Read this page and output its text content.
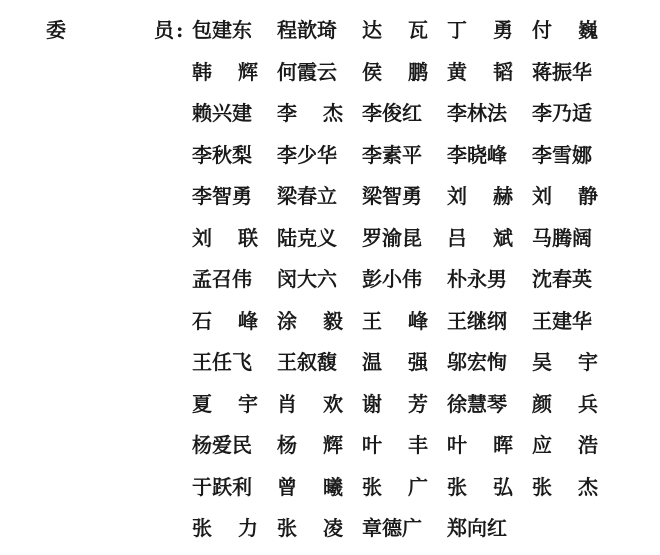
委	员 : 包 建 东 程 歆 琦 达 瓦 丁 勇 付 巍
韩 辉 何 霞 云 侯 鹏 黄 韬 蒋 振 华
赖 兴 建 李 杰 李 俊 红 李 林 法 李 乃 适
李 秋 梨 李 少 华 李 素 平 李 晓 峰 李 雪 娜
李 智 勇 梁 春 立 梁 智 勇 刘 赫 刘 静
刘 联 陆 克 义 罗 渝 昆 吕 斌 马 腾 阔
孟 召 伟 闵 大 六 彭 小 伟 朴 永 男 沈 春 英
石 峰 涂 毅 王 峰 王 继 纲 王 建 华
王 任 飞 王 叙 馥 温 强 邬 宏 恂 吴 宇
夏 宇 肖 欢 谢 芳 徐 慧 琴 颜 兵
杨 爱 民 杨 辉 叶 丰 叶 晖 应 浩
于 跃 利 曾 曦 张 广 张 弘 张 杰
张 力 张 凌 章 德 广 郑 向 红
